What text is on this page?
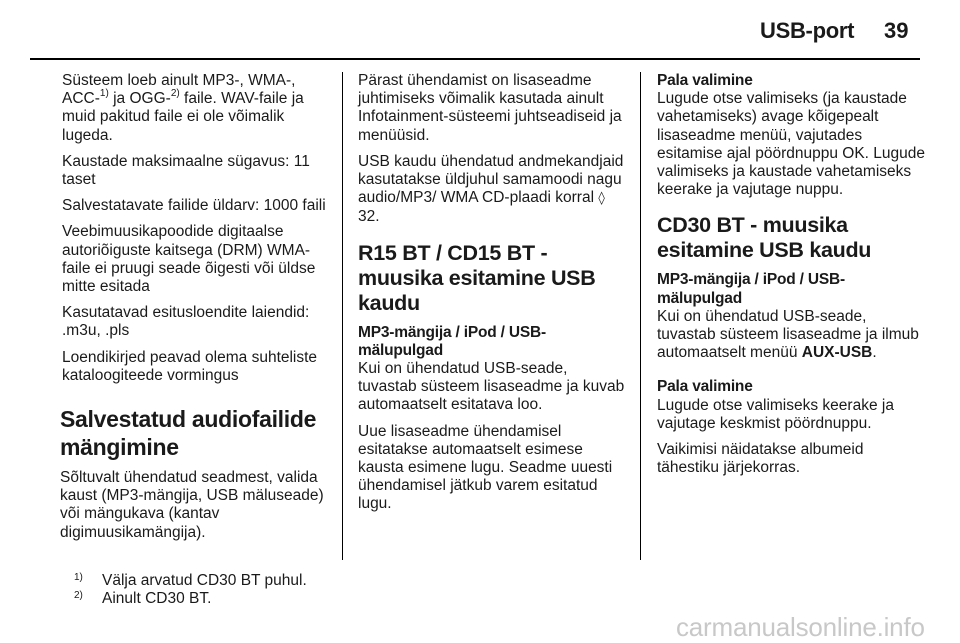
USB-port 39

Süsteem loeb ainult MP3-, WMA-, ACC-$^{1)}$ ja OGG-$^{2)}$ faile. WAV-faile ja muid pakitud faile ei ole võimalik lugeda.

Kaustade maksimaalne sügavus: 11 taset

Salvestatavate failide üldarv: 1000 faili

Veebimuusikapoodide digitaalse autoriõiguste kaitsega (DRM) WMA-faile ei pruugi seade õigesti või üldse mitte esitada

Kasutatavad esitusloendite laiendid: .m3u, .pls

Loendikirjed peavad olema suhteliste kataloogiteede vormingus

Salvestatud audiofailide mängimine

Sõltuvalt ühendatud seadmest, valida kaust (MP3-mängija, USB mäluseade) või mängukava (kantav digimuusikamängija).

Pärast ühendamist on lisaseadme juhtimiseks võimalik kasutada ainult Infotainment-süsteemi juhtseadiseid ja menüüsid.

USB kaudu ühendatud andmekandjaid kasutatakse üldjuhul samamoodi nagu audio/MP3/ WMA CD-plaadi korral ◊ 32.

R15 BT / CD15 BT - muusika esitamine USB kaudu

MP3-mängija / iPod / USB-mälupulgad

Kui on ühendatud USB-seade, tuvastab süsteem lisaseadme ja kuvab automaatselt esitatava loo.

Uue lisaseadme ühendamisel esitatakse automaatselt esimese kausta esimene lugu. Seadme uuesti ühendamisel jätkub varem esitatud lugu.

Pala valimine

Lugude otse valimiseks (ja kaustade vahetamiseks) avage kõigepealt lisaseadme menüü, vajutades esitamise ajal pöördnuppu OK. Lugude valimiseks ja kaustade vahetamiseks keerake ja vajutage nuppu.

CD30 BT - muusika esitamine USB kaudu

MP3-mängija / iPod / USB-mälupulgad

Kui on ühendatud USB-seade, tuvastab süsteem lisaseadme ja ilmub automaatselt menüü AUX-USB.

Pala valimine

Lugude otse valimiseks keerake ja vajutage keskmist pöördnuppu.

Vaikimisi näidatakse albumeid tähestiku järjekorras.

1)	Välja arvatud CD30 BT puhul.
2)	Ainult CD30 BT.
carmanualsonline.info
